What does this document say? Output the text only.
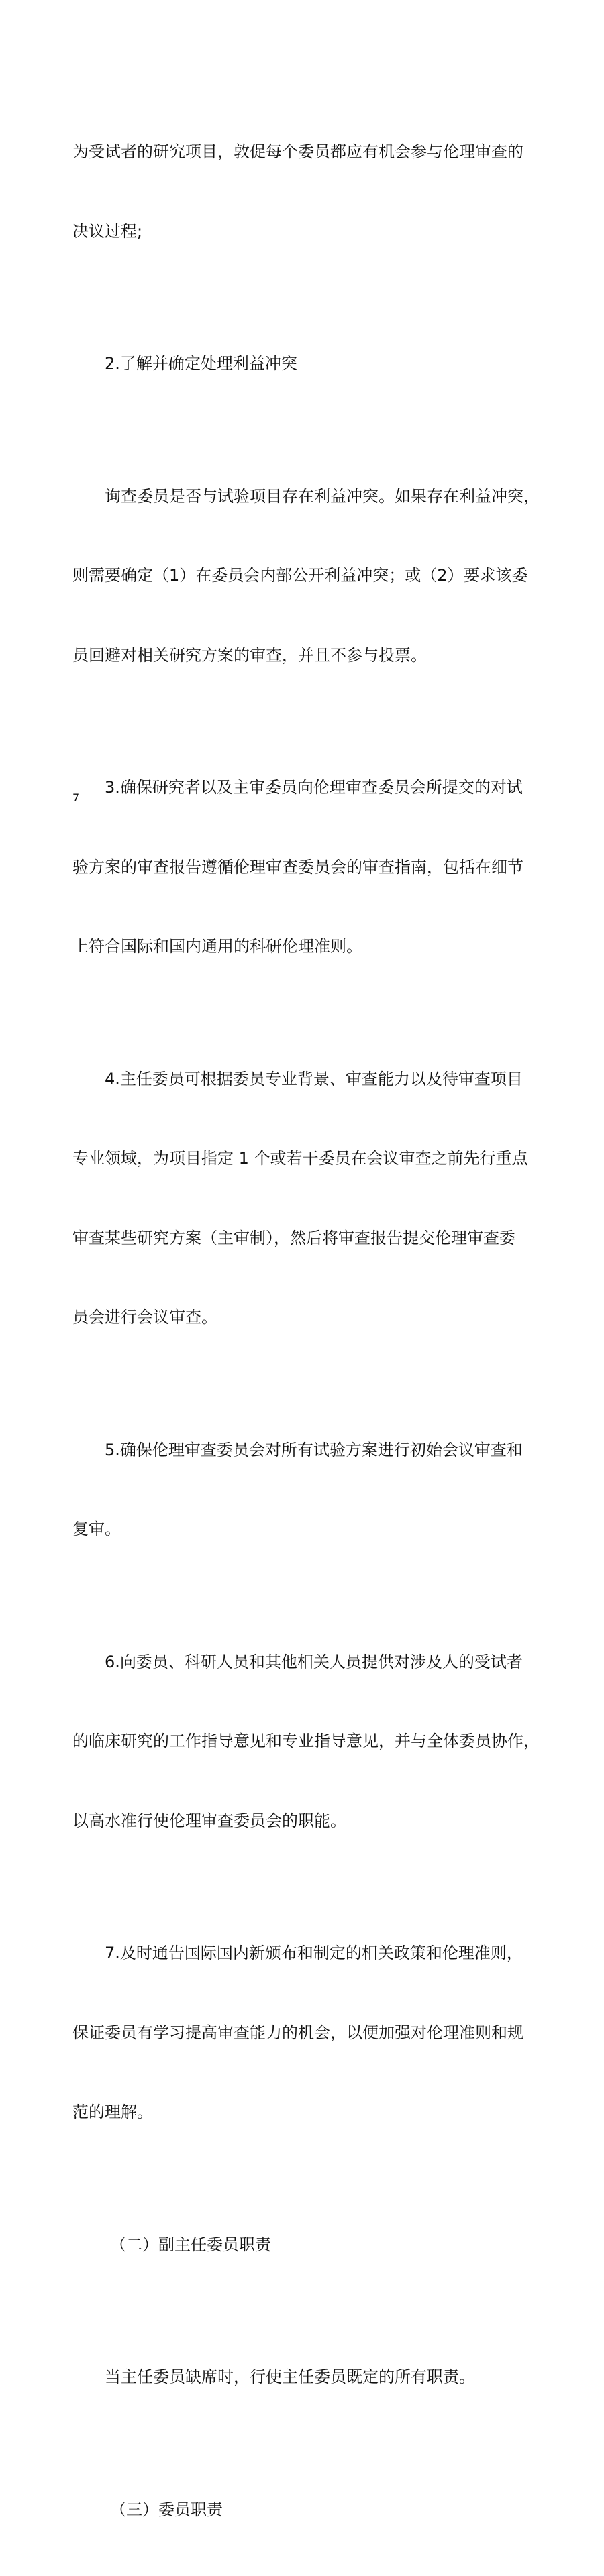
为受试者的研究项目，敦促每个委员都应有机会参与伦理审查的

决议过程;

2.了解并确定处理利益冲突

询查委员是否与试验项目存在利益冲突。如果存在利益冲突，

则需要确定（1）在委员会内部公开利益冲突；或（2）要求该委

员回避对相关研究方案的审查，并且不参与投票。

3.确保研究者以及主审委员向伦理审查委员会所提交的对试

验方案的审查报告遵循伦理审查委员会的审查指南，包括在细节

上符合国际和国内通用的科研伦理准则。

4.主任委员可根据委员专业背景、审查能力以及待审查项目

专业领域，为项目指定 1 个或若干委员在会议审查之前先行重点

审查某些研究方案（主审制），然后将审查报告提交伦理审查委

员会进行会议审查。

5.确保伦理审查委员会对所有试验方案进行初始会议审查和

复审。

6.向委员、科研人员和其他相关人员提供对涉及人的受试者

的临床研究的工作指导意见和专业指导意见，并与全体委员协作，

以高水准行使伦理审查委员会的职能。

7.及时通告国际国内新颁布和制定的相关政策和伦理准则，

保证委员有学习提高审查能力的机会，以便加强对伦理准则和规

范的理解。

（二）副主任委员职责

当主任委员缺席时，行使主任委员既定的所有职责。

（三）委员职责

7
